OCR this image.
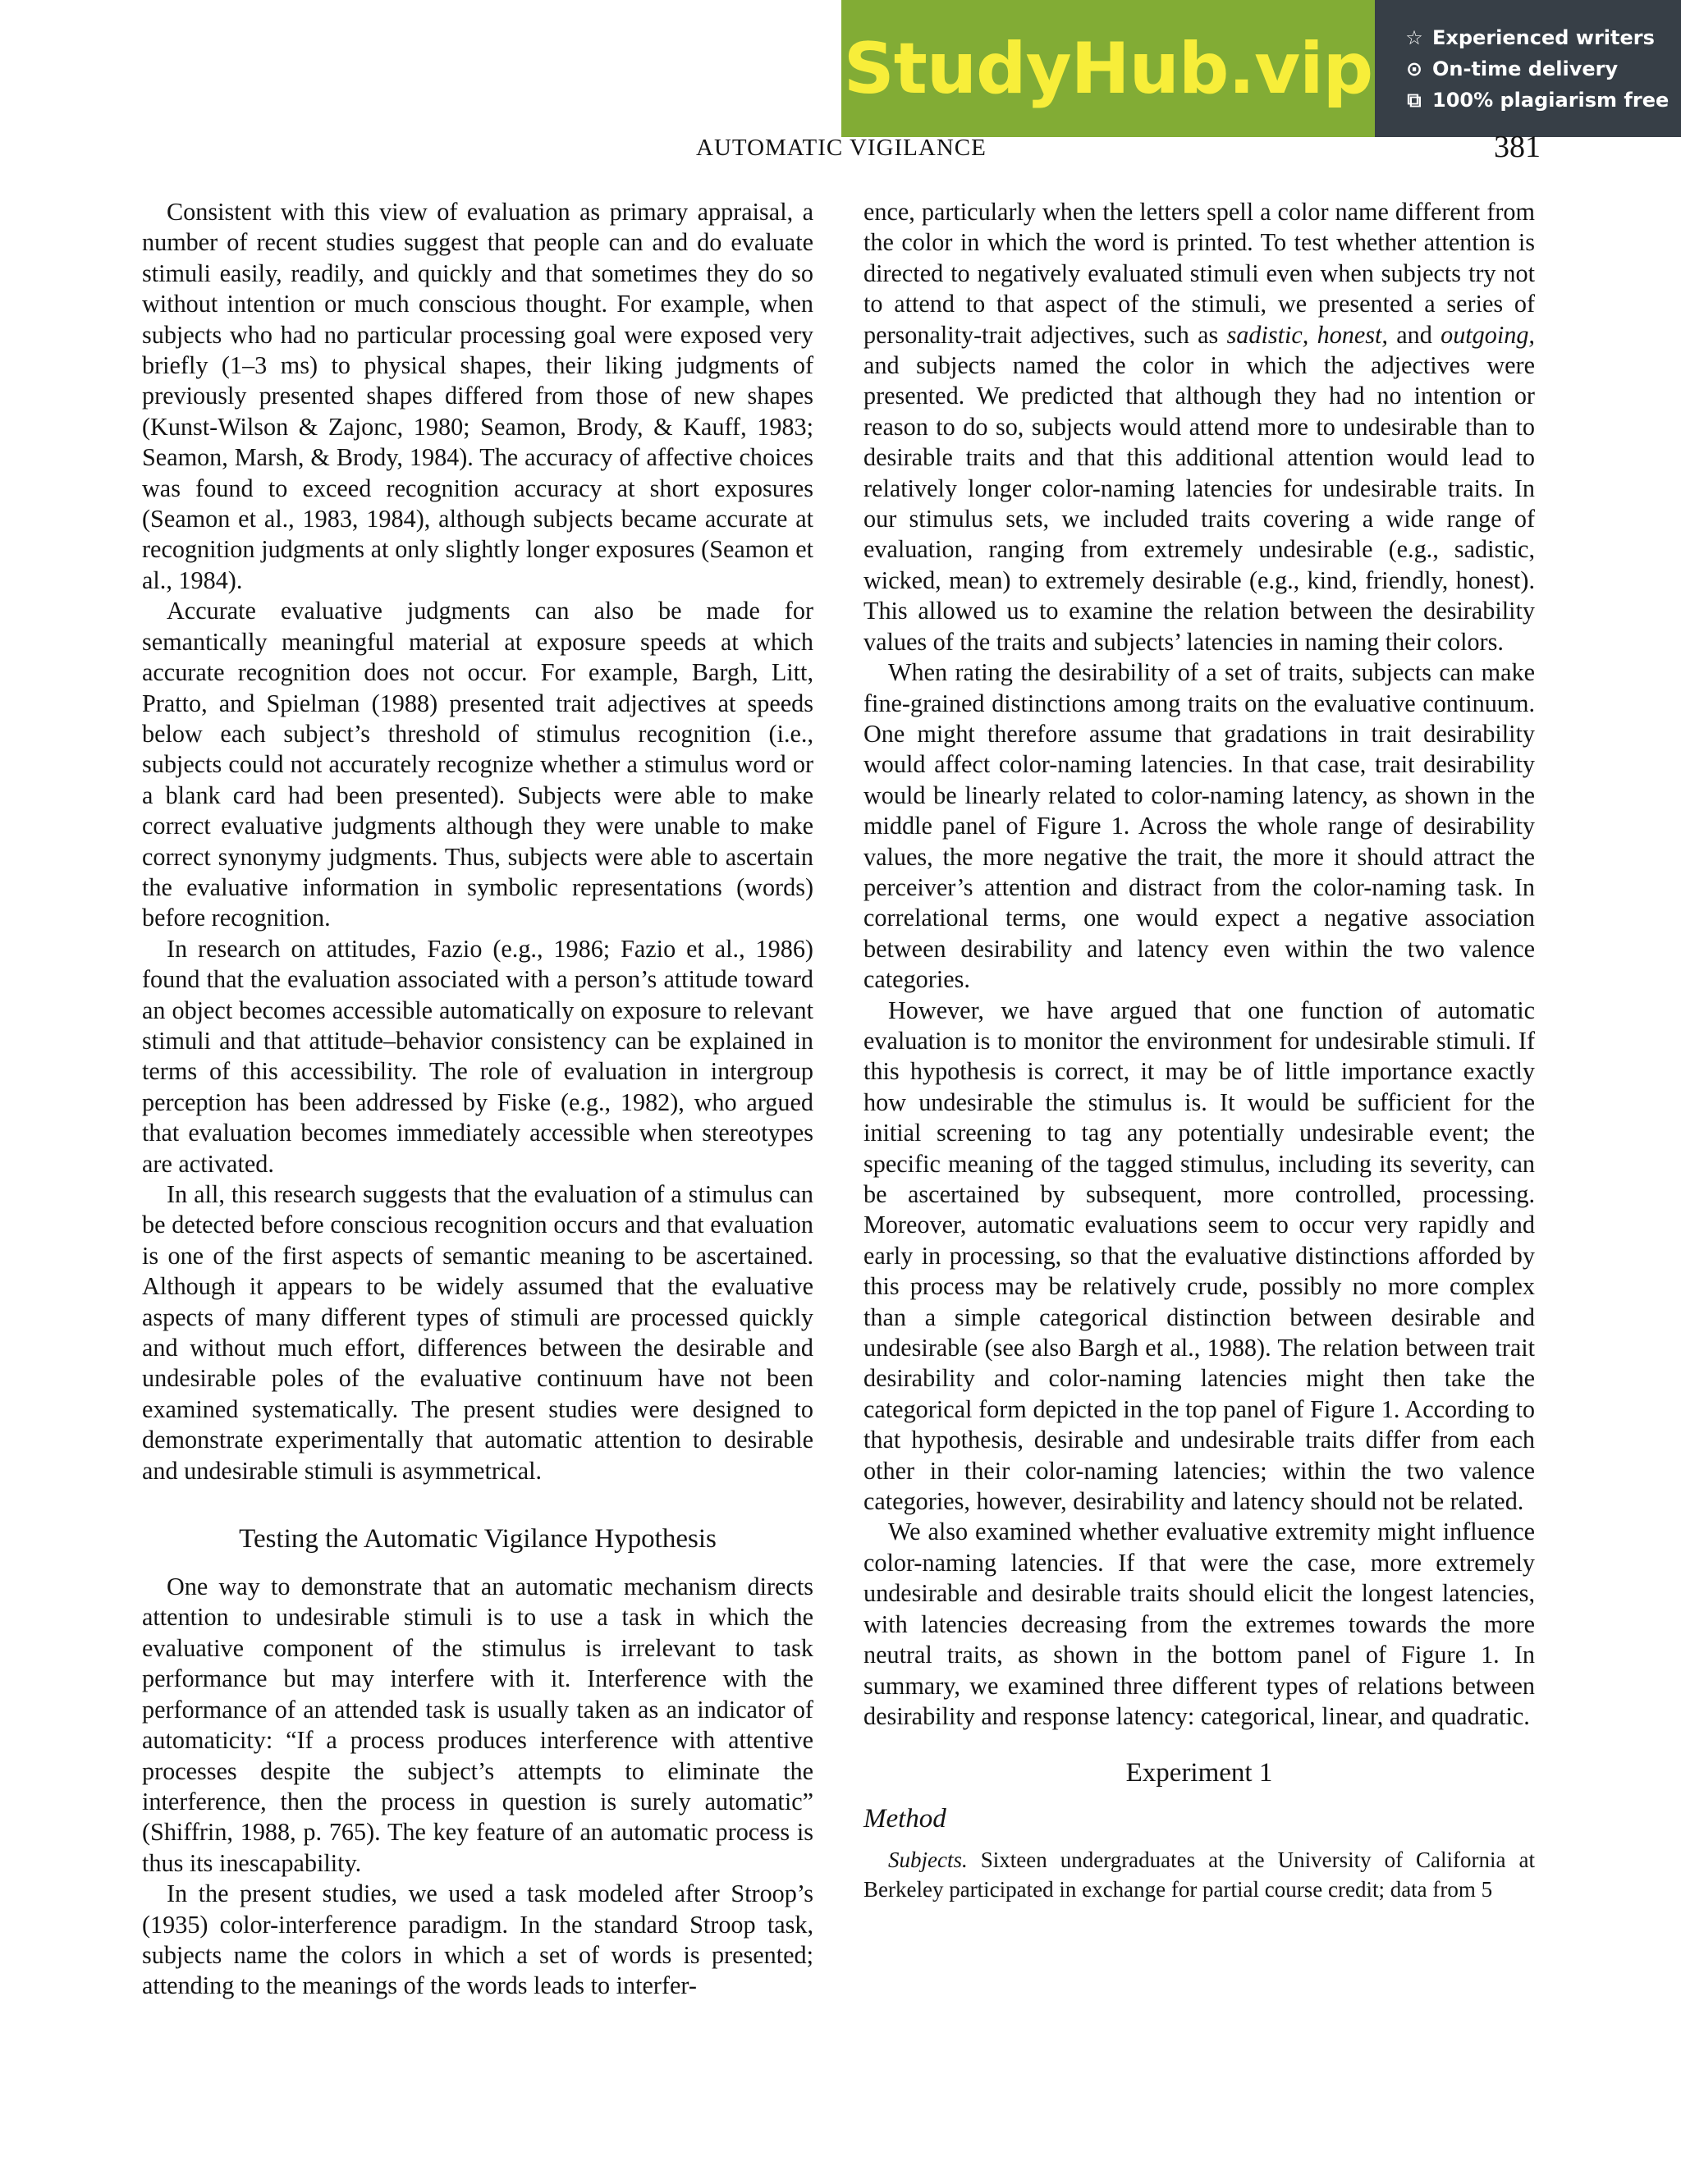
StudyHub.vip ☆ Experienced writers
⊙ On-time delivery
⧉ 100% plagiarism free
AUTOMATIC VIGILANCE	381

Consistent with this view of evaluation as primary appraisal, a number of recent studies suggest that people can and do evaluate stimuli easily, readily, and quickly and that sometimes they do so without intention or much conscious thought. For example, when subjects who had no particular processing goal were exposed very briefly (1–3 ms) to physical shapes, their liking judgments of previously presented shapes differed from those of new shapes (Kunst-Wilson & Zajonc, 1980; Seamon, Brody, & Kauff, 1983; Seamon, Marsh, & Brody, 1984). The accuracy of affective choices was found to exceed recognition accuracy at short exposures (Seamon et al., 1983, 1984), although subjects became accurate at recognition judgments at only slightly longer exposures (Seamon et al., 1984).

Accurate evaluative judgments can also be made for semantically meaningful material at exposure speeds at which accurate recognition does not occur. For example, Bargh, Litt, Pratto, and Spielman (1988) presented trait adjectives at speeds below each subject’s threshold of stimulus recognition (i.e., subjects could not accurately recognize whether a stimulus word or a blank card had been presented). Subjects were able to make correct evaluative judgments although they were unable to make correct synonymy judgments. Thus, subjects were able to ascertain the evaluative information in symbolic representations (words) before recognition.

In research on attitudes, Fazio (e.g., 1986; Fazio et al., 1986) found that the evaluation associated with a person’s attitude toward an object becomes accessible automatically on exposure to relevant stimuli and that attitude–behavior consistency can be explained in terms of this accessibility. The role of evaluation in intergroup perception has been addressed by Fiske (e.g., 1982), who argued that evaluation becomes immediately accessible when stereotypes are activated.

In all, this research suggests that the evaluation of a stimulus can be detected before conscious recognition occurs and that evaluation is one of the first aspects of semantic meaning to be ascertained. Although it appears to be widely assumed that the evaluative aspects of many different types of stimuli are processed quickly and without much effort, differences between the desirable and undesirable poles of the evaluative continuum have not been examined systematically. The present studies were designed to demonstrate experimentally that automatic attention to desirable and undesirable stimuli is asymmetrical.

Testing the Automatic Vigilance Hypothesis

One way to demonstrate that an automatic mechanism directs attention to undesirable stimuli is to use a task in which the evaluative component of the stimulus is irrelevant to task performance but may interfere with it. Interference with the performance of an attended task is usually taken as an indicator of automaticity: “If a process produces interference with attentive processes despite the subject’s attempts to eliminate the interference, then the process in question is surely automatic” (Shiffrin, 1988, p. 765). The key feature of an automatic process is thus its inescapability.

In the present studies, we used a task modeled after Stroop’s (1935) color-interference paradigm. In the standard Stroop task, subjects name the colors in which a set of words is presented; attending to the meanings of the words leads to interfer-

ence, particularly when the letters spell a color name different from the color in which the word is printed. To test whether attention is directed to negatively evaluated stimuli even when subjects try not to attend to that aspect of the stimuli, we presented a series of personality-trait adjectives, such as sadistic, honest, and outgoing, and subjects named the color in which the adjectives were presented. We predicted that although they had no intention or reason to do so, subjects would attend more to undesirable than to desirable traits and that this additional attention would lead to relatively longer color-naming latencies for undesirable traits. In our stimulus sets, we included traits covering a wide range of evaluation, ranging from extremely undesirable (e.g., sadistic, wicked, mean) to extremely desirable (e.g., kind, friendly, honest). This allowed us to examine the relation between the desirability values of the traits and subjects’ latencies in naming their colors.

When rating the desirability of a set of traits, subjects can make fine-grained distinctions among traits on the evaluative continuum. One might therefore assume that gradations in trait desirability would affect color-naming latencies. In that case, trait desirability would be linearly related to color-naming latency, as shown in the middle panel of Figure 1. Across the whole range of desirability values, the more negative the trait, the more it should attract the perceiver’s attention and distract from the color-naming task. In correlational terms, one would expect a negative association between desirability and latency even within the two valence categories.

However, we have argued that one function of automatic evaluation is to monitor the environment for undesirable stimuli. If this hypothesis is correct, it may be of little importance exactly how undesirable the stimulus is. It would be sufficient for the initial screening to tag any potentially undesirable event; the specific meaning of the tagged stimulus, including its severity, can be ascertained by subsequent, more controlled, processing. Moreover, automatic evaluations seem to occur very rapidly and early in processing, so that the evaluative distinctions afforded by this process may be relatively crude, possibly no more complex than a simple categorical distinction between desirable and undesirable (see also Bargh et al., 1988). The relation between trait desirability and color-naming latencies might then take the categorical form depicted in the top panel of Figure 1. According to that hypothesis, desirable and undesirable traits differ from each other in their color-naming latencies; within the two valence categories, however, desirability and latency should not be related.

We also examined whether evaluative extremity might influence color-naming latencies. If that were the case, more extremely undesirable and desirable traits should elicit the longest latencies, with latencies decreasing from the extremes towards the more neutral traits, as shown in the bottom panel of Figure 1. In summary, we examined three different types of relations between desirability and response latency: categorical, linear, and quadratic.

Experiment 1
Method

Subjects. Sixteen undergraduates at the University of California at Berkeley participated in exchange for partial course credit; data from 5
